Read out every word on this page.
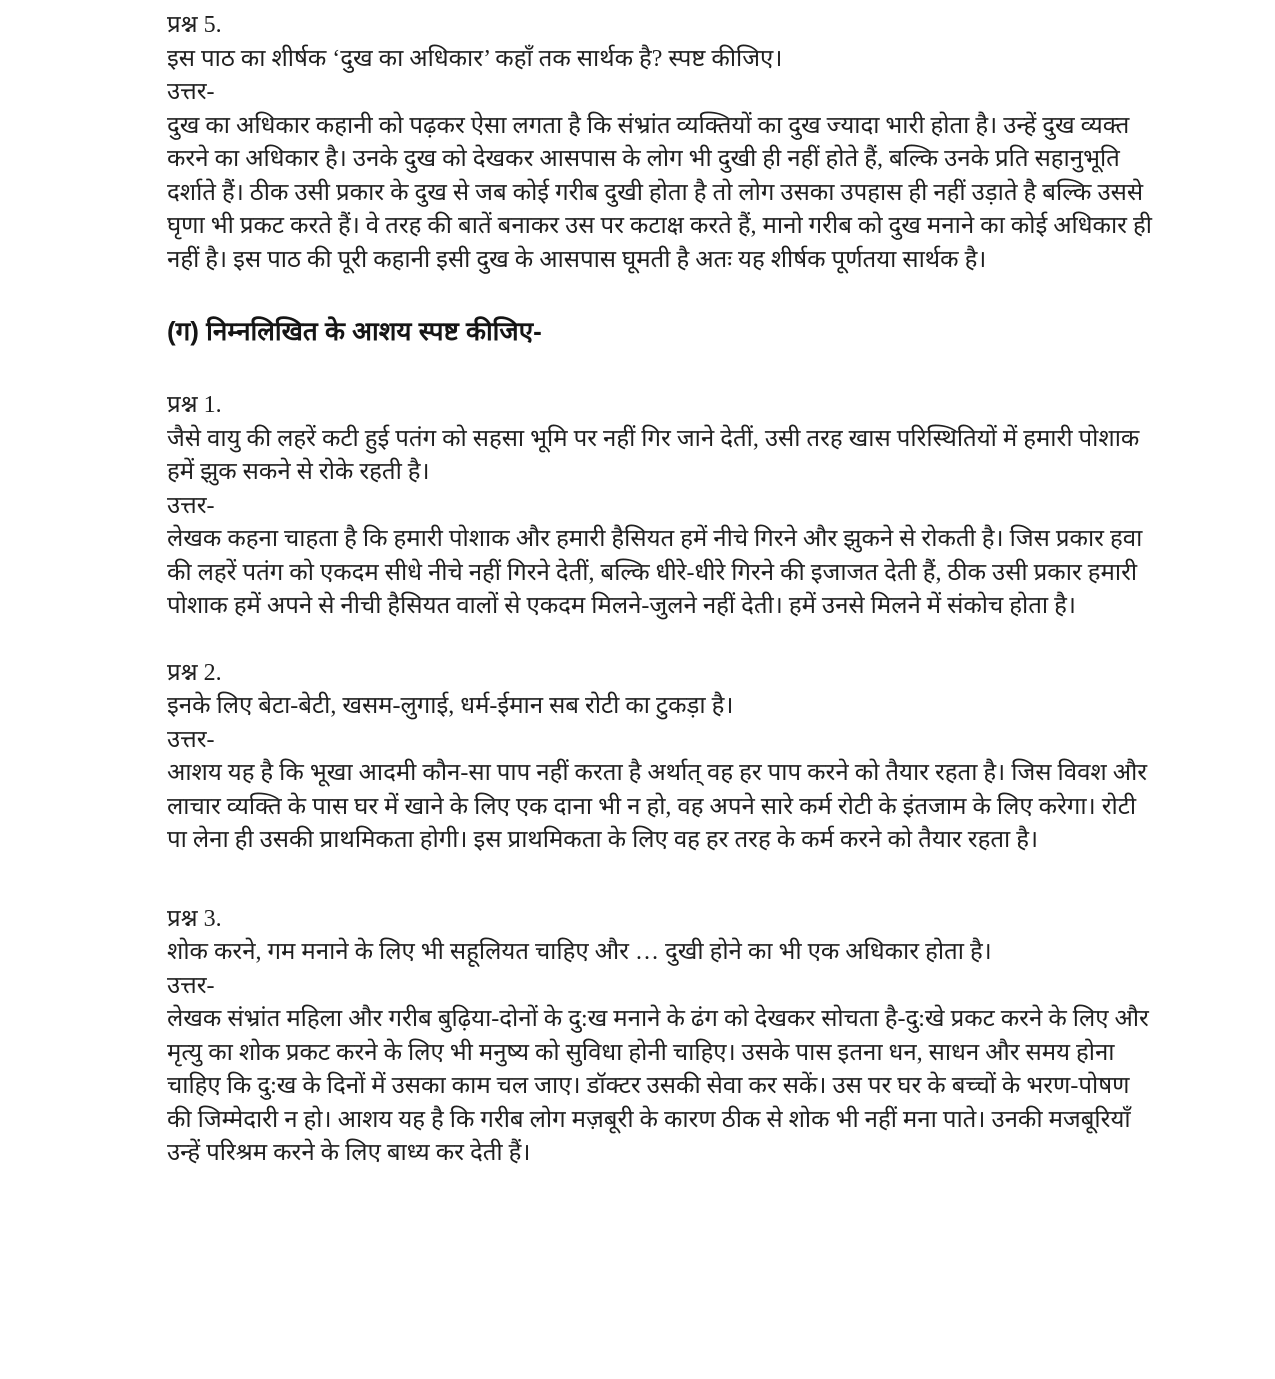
प्रश्न 5.

इस पाठ का शीर्षक ‘दुख का अधिकार’ कहाँ तक सार्थक है? स्पष्ट कीजिए।

उत्तर-

दुख का अधिकार कहानी को पढ़कर ऐसा लगता है कि संभ्रांत व्यक्तियों का दुख ज्यादा भारी होता है। उन्हें दुख व्यक्त करने का अधिकार है। उनके दुख को देखकर आसपास के लोग भी दुखी ही नहीं होते हैं, बल्कि उनके प्रति सहानुभूति दर्शाते हैं। ठीक उसी प्रकार के दुख से जब कोई गरीब दुखी होता है तो लोग उसका उपहास ही नहीं उड़ाते है बल्कि उससे घृणा भी प्रकट करते हैं। वे तरह की बातें बनाकर उस पर कटाक्ष करते हैं, मानो गरीब को दुख मनाने का कोई अधिकार ही नहीं है। इस पाठ की पूरी कहानी इसी दुख के आसपास घूमती है अतः यह शीर्षक पूर्णतया सार्थक है।

(ग) निम्नलिखित के आशय स्पष्ट कीजिए-

प्रश्न 1.

जैसे वायु की लहरें कटी हुई पतंग को सहसा भूमि पर नहीं गिर जाने देतीं, उसी तरह खास परिस्थितियों में हमारी पोशाक हमें झुक सकने से रोके रहती है।

उत्तर-

लेखक कहना चाहता है कि हमारी पोशाक और हमारी हैसियत हमें नीचे गिरने और झुकने से रोकती है। जिस प्रकार हवा की लहरें पतंग को एकदम सीधे नीचे नहीं गिरने देतीं, बल्कि धीरे-धीरे गिरने की इजाजत देती हैं, ठीक उसी प्रकार हमारी पोशाक हमें अपने से नीची हैसियत वालों से एकदम मिलने-जुलने नहीं देती। हमें उनसे मिलने में संकोच होता है।

प्रश्न 2.

इनके लिए बेटा-बेटी, खसम-लुगाई, धर्म-ईमान सब रोटी का टुकड़ा है।

उत्तर-

आशय यह है कि भूखा आदमी कौन-सा पाप नहीं करता है अर्थात् वह हर पाप करने को तैयार रहता है। जिस विवश और लाचार व्यक्ति के पास घर में खाने के लिए एक दाना भी न हो, वह अपने सारे कर्म रोटी के इंतजाम के लिए करेगा। रोटी पा लेना ही उसकी प्राथमिकता होगी। इस प्राथमिकता के लिए वह हर तरह के कर्म करने को तैयार रहता है।

प्रश्न 3.

शोक करने, गम मनाने के लिए भी सहूलियत चाहिए और … दुखी होने का भी एक अधिकार होता है।

उत्तर-

लेखक संभ्रांत महिला और गरीब बुढ़िया-दोनों के दु:ख मनाने के ढंग को देखकर सोचता है-दु:खे प्रकट करने के लिए और मृत्यु का शोक प्रकट करने के लिए भी मनुष्य को सुविधा होनी चाहिए। उसके पास इतना धन, साधन और समय होना चाहिए कि दु:ख के दिनों में उसका काम चल जाए। डॉक्टर उसकी सेवा कर सकें। उस पर घर के बच्चों के भरण-पोषण की जिम्मेदारी न हो। आशय यह है कि गरीब लोग मज़बूरी के कारण ठीक से शोक भी नहीं मना पाते। उनकी मजबूरियाँ उन्हें परिश्रम करने के लिए बाध्य कर देती हैं।
